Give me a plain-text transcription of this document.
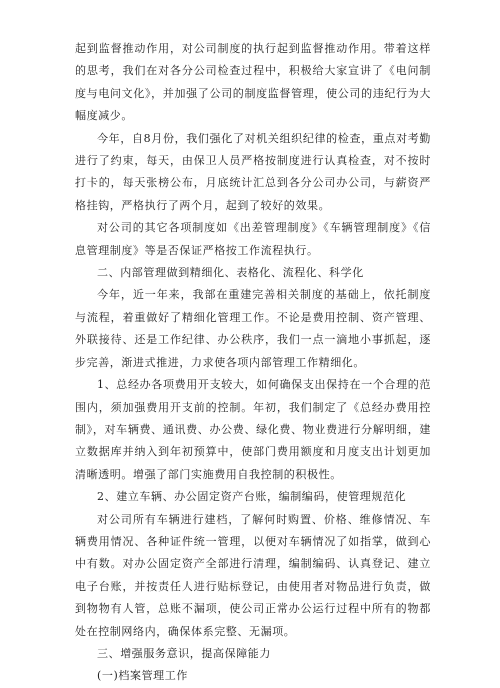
起到监督推动作用，对公司制度的执行起到监督推动作用。带着这样的思考，我们在对各分公司检查过程中，积极给大家宣讲了《电问制度与电问文化》，并加强了公司的制度监督管理，使公司的违纪行为大幅度减少。

今年，自8月份，我们强化了对机关组织纪律的检查，重点对考勤进行了约束，每天，由保卫人员严格按制度进行认真检查，对不按时打卡的，每天张榜公布，月底统计汇总到各分公司办公司，与薪资严格挂钩，严格执行了两个月，起到了较好的效果。

对公司的其它各项制度如《出差管理制度》《车辆管理制度》《信息管理制度》等是否保证严格按工作流程执行。

二、内部管理做到精细化、表格化、流程化、科学化

今年，近一年来，我部在重建完善相关制度的基础上，依托制度与流程，着重做好了精细化管理工作。不论是费用控制、资产管理、外联接待、还是工作纪律、办公秩序，我们一点一滴地小事抓起，逐步完善，渐进式推进，力求使各项内部管理工作精细化。

1、总经办各项费用开支较大，如何确保支出保持在一个合理的范围内，须加强费用开支前的控制。年初，我们制定了《总经办费用控制》，对车辆费、通讯费、办公费、绿化费、物业费进行分解明细，建立数据库并纳入到年初预算中，使部门费用额度和月度支出计划更加清晰透明。增强了部门实施费用自我控制的积极性。

2、建立车辆、办公固定资产台账，编制编码，使管理规范化

对公司所有车辆进行建档，了解何时购置、价格、维修情况、车辆费用情况、各种证件统一管理，以便对车辆情况了如指掌，做到心中有数。对办公固定资产全部进行清理，编制编码、认真登记、建立电子台账，并按责任人进行贴标登记，由使用者对物品进行负责，做到物物有人管，总账不漏项，使公司正常办公运行过程中所有的物都处在控制网络内，确保体系完整、无漏项。

三、增强服务意识，提高保障能力

(一)档案管理工作
